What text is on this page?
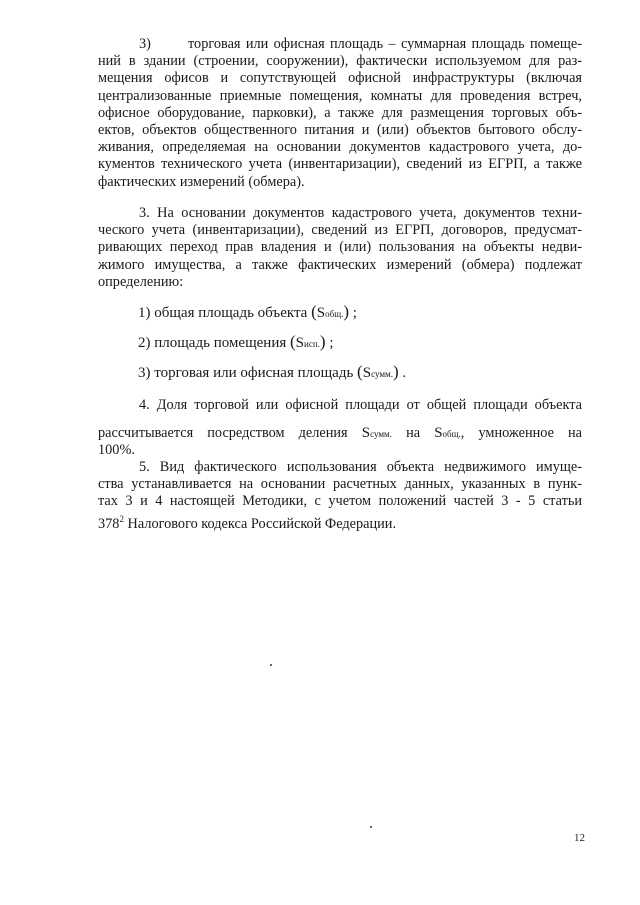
3)	торговая или офисная площадь – суммарная площадь помеще-
ний в здании (строении, сооружении), фактически используемом для раз-
мещения офисов и сопутствующей офисной инфраструктуры (включая
централизованные приемные помещения, комнаты для проведения встреч,
офисное оборудование, парковки), а также для размещения торговых объ-
ектов, объектов общественного питания и (или) объектов бытового обслу-
живания, определяемая на основании документов кадастрового учета, до-
кументов технического учета (инвентаризации), сведений из ЕГРП, а также
фактических измерений (обмера).
3. На основании документов кадастрового учета, документов техни-
ческого учета (инвентаризации), сведений из ЕГРП, договоров, предусмат-
ривающих переход прав владения и (или) пользования на объекты недви-
жимого имущества, а также фактических измерений (обмера) подлежат
определению:
1) общая площадь объекта (Sобщ.) ;
2) площадь помещения (Sисп.) ;
3) торговая или офисная площадь (Sсумм.) .
4. Доля торговой или офисной площади от общей площади объекта
рассчитывается посредством деления Sсумм. на Sобщ., умноженное на
100%.
5. Вид фактического использования объекта недвижимого имуще-
ства устанавливается на основании расчетных данных, указанных в пунк-
тах 3 и 4 настоящей Методики, с учетом положений частей 3 - 5 статьи
$378^2$ Налогового кодекса Российской Федерации.
12
